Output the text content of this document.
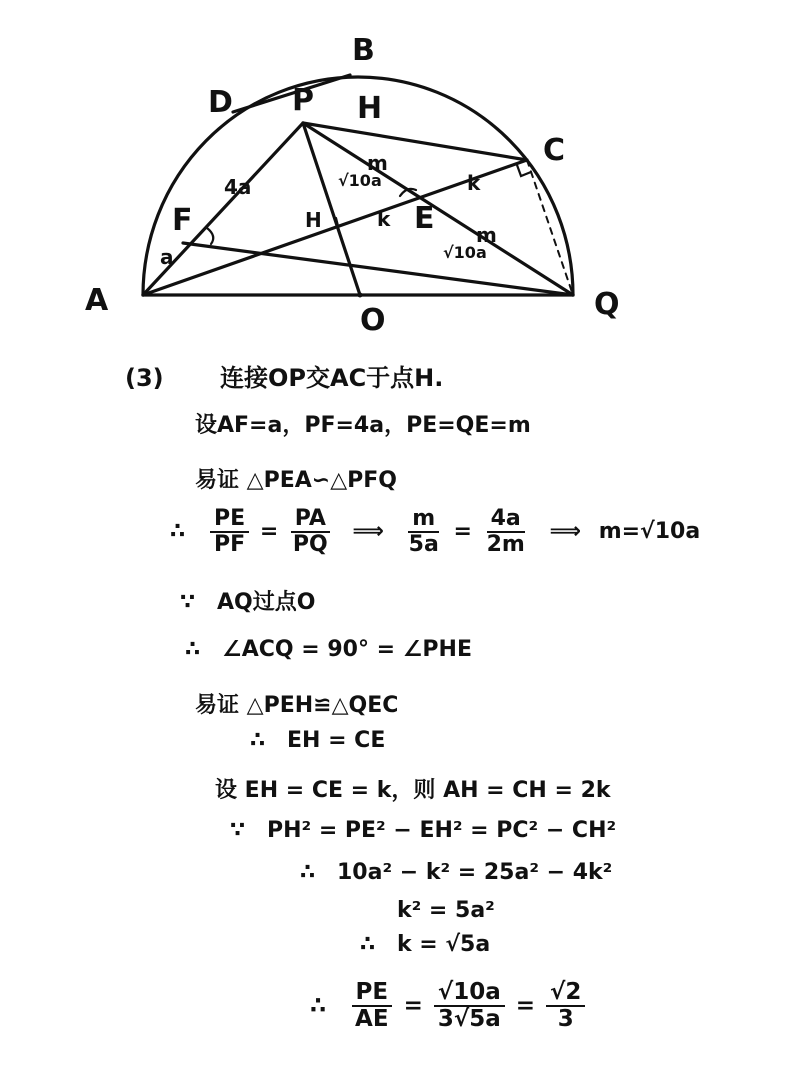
A
B
C
D P H
H	E
F
O	Q
4a
a
√10a
m
k
k
√10a
m
(3) 连接OP交AC于点H.
设AF=a，PF=4a，PE=QE=m
易证 △PEA∽△PFQ
∴ $\frac{PE}{PF} = \frac{PA}{PQ}$ ⟹ $\frac{m}{5a} = \frac{4a}{2m}$ ⟹ m=√10a
∵ AQ过点O
∴ ∠ACQ = 90° = ∠PHE
易证 △PEH≌△QEC
∴ EH = CE
设 EH = CE = k，则 AH = CH = 2k
∵ PH² = PE² − EH² = PC² − CH²
∴ 10a² − k² = 25a² − 4k²
k² = 5a²
∴ k = √5a
∴ $\frac{PE}{AE} = \frac{√10a}{3√5a} = \frac{√2}{3}$
